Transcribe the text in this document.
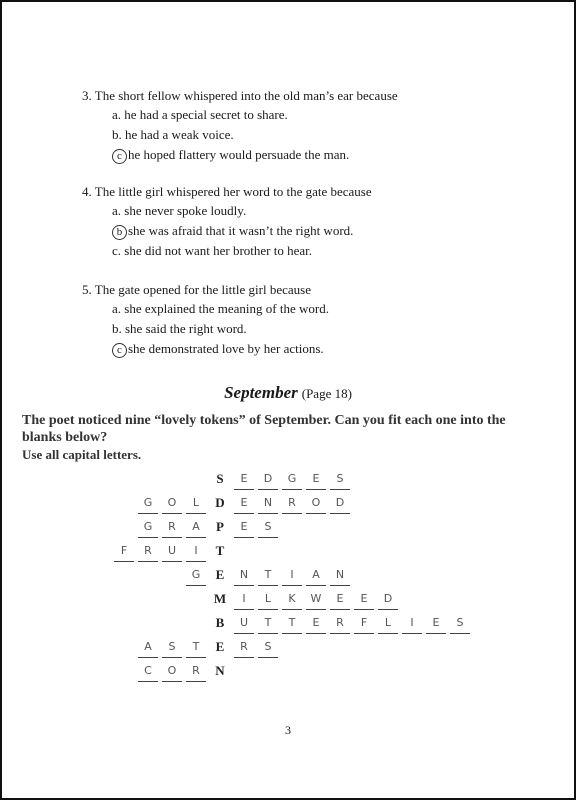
3. The short fellow whispered into the old man’s ear because
a. he had a special secret to share.
b. he had a weak voice.
c he hoped flattery would persuade the man.
4. The little girl whispered her word to the gate because
a. she never spoke loudly.
b she was afraid that it wasn’t the right word.
c. she did not want her brother to hear.
5. The gate opened for the little girl because
a. she explained the meaning of the word.
b. she said the right word.
c she demonstrated love by her actions.
September (Page 18)
The poet noticed nine “lovely tokens” of September. Can you fit each one into the blanks below?
Use all capital letters.
S	E	D	G	E	S
G	O	L	D	E	N	R	O	D
G	R	A	P	E	S
F	R	U	I	T
G	E	N	T	I	A	N
M	I	L	K	W	E	E	D
B	U	T	T	E	R	F	L	I	E	S
A	S	T	E	R	S
C	O	R	N
3
